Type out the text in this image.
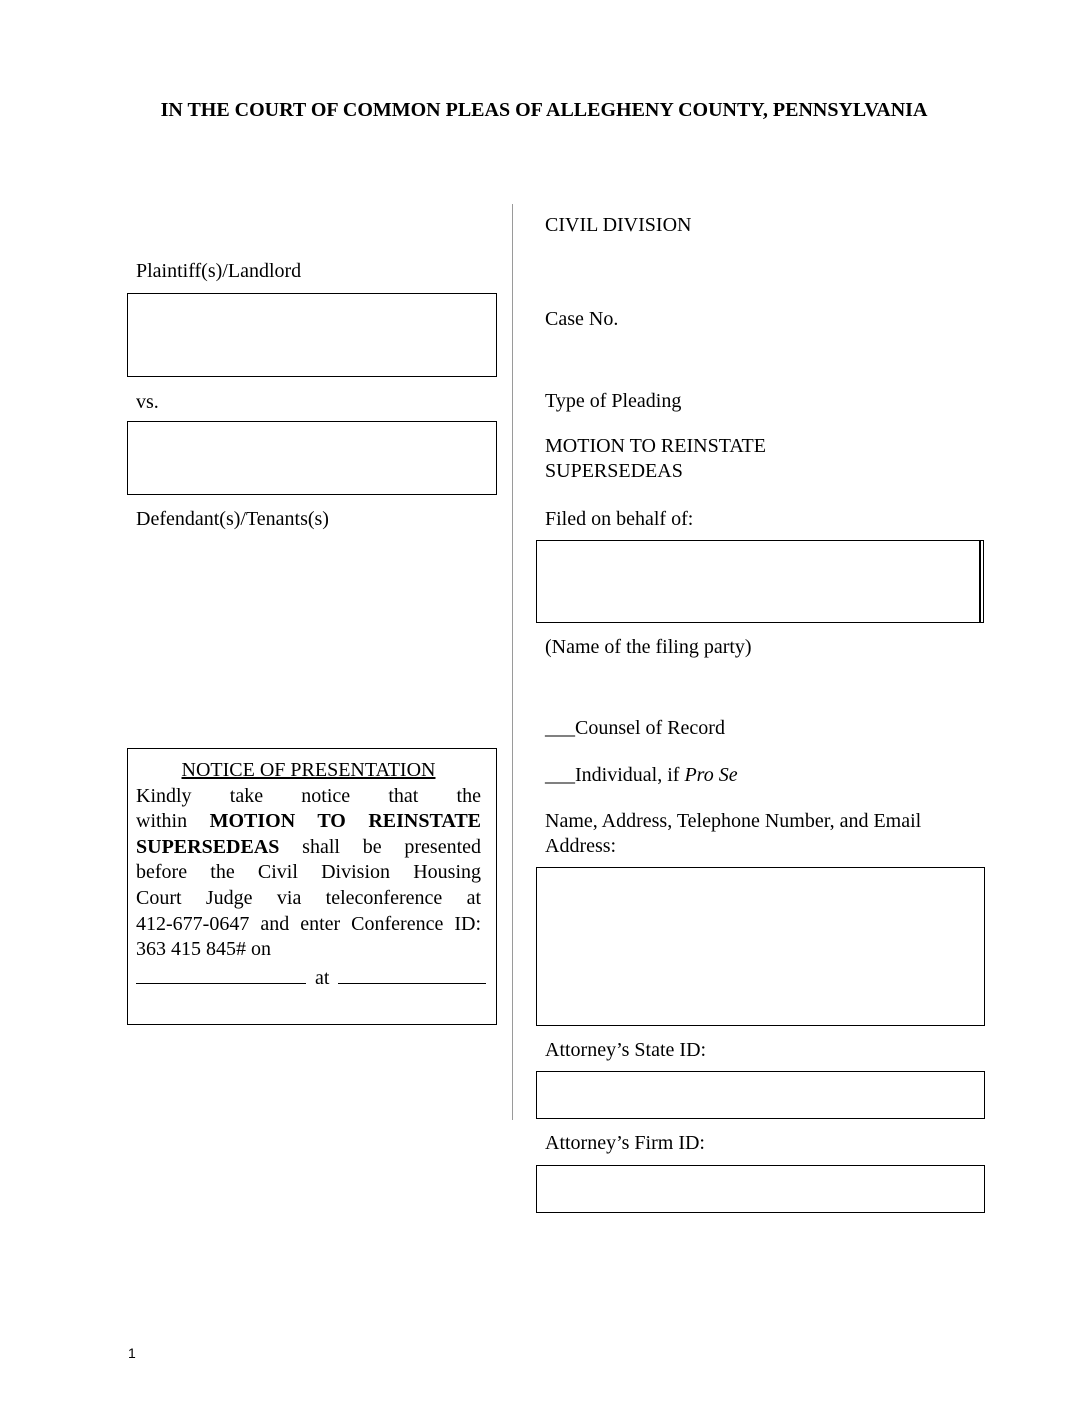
IN THE COURT OF COMMON PLEAS OF ALLEGHENY COUNTY, PENNSYLVANIA
Plaintiff(s)/Landlord
vs.
Defendant(s)/Tenants(s)
NOTICE OF PRESENTATION
Kindly take notice that the
within MOTION TO REINSTATE
SUPERSEDEAS shall be presented
before the Civil Division Housing
Court Judge via teleconference at
412-677-0647 and enter Conference ID:
363 415 845# on
at
CIVIL DIVISION
Case No.
Type of Pleading
MOTION TO REINSTATE
SUPERSEDEAS
Filed on behalf of:
(Name of the filing party)
___Counsel of Record
___Individual, if Pro Se
Name, Address, Telephone Number, and Email
Address:
Attorney’s State ID:
Attorney’s Firm ID:
1
